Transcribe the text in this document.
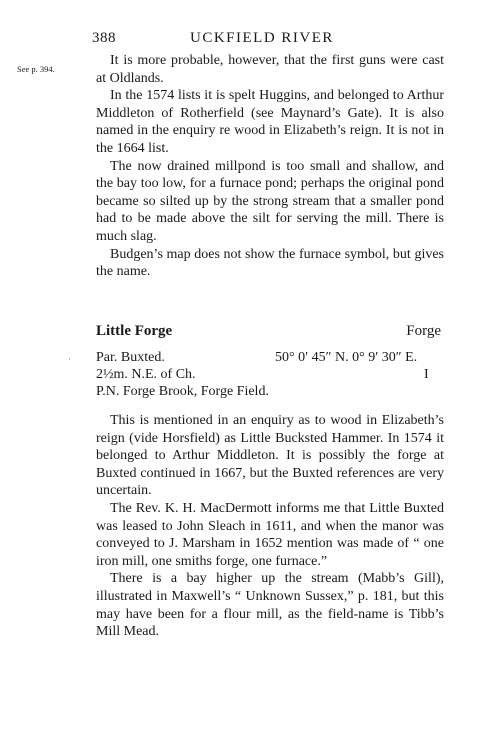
388	UCKFIELD RIVER
See p. 394.

It is more probable, however, that the first guns were cast at Oldlands.

In the 1574 lists it is spelt Huggins, and belonged to Arthur Middleton of Rotherfield (see Maynard’s Gate). It is also named in the enquiry re wood in Elizabeth’s reign. It is not in the 1664 list.

The now drained millpond is too small and shallow, and the bay too low, for a furnace pond; perhaps the original pond became so silted up by the strong stream that a smaller pond had to be made above the silt for serving the mill. There is much slag.

Budgen’s map does not show the furnace symbol, but gives the name.

Little Forge	Forge
· Par. Buxted.	50° 0′ 45″ N. 0° 9′ 30″ E.
2½m. N.E. of Ch.	I
P.N. Forge Brook, Forge Field.

This is mentioned in an enquiry as to wood in Elizabeth’s reign (vide Horsfield) as Little Bucksted Hammer. In 1574 it belonged to Arthur Middleton. It is possibly the forge at Buxted continued in 1667, but the Buxted references are very uncertain.

The Rev. K. H. MacDermott informs me that Little Buxted was leased to John Sleach in 1611, and when the manor was conveyed to J. Marsham in 1652 mention was made of “ one iron mill, one smiths forge, one furnace.”

There is a bay higher up the stream (Mabb’s Gill), illustrated in Maxwell’s “ Unknown Sussex,” p. 181, but this may have been for a flour mill, as the field-name is Tibb’s Mill Mead.
